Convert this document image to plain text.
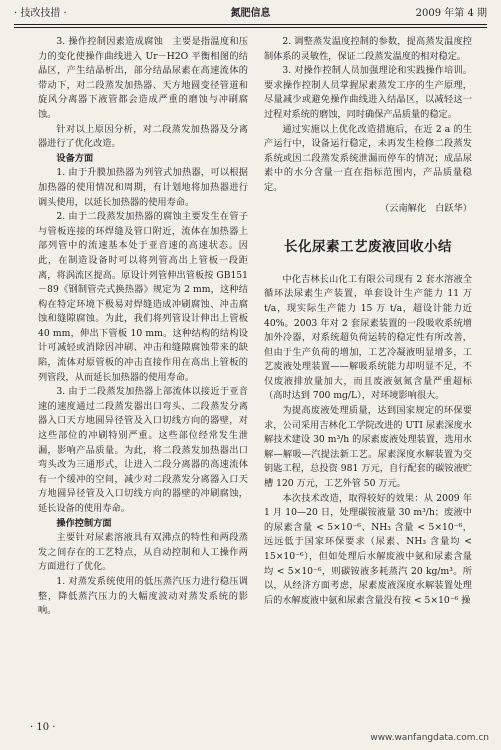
· 技改技措 ·	氮肥信息	2009 年第 4 期

3. 操作控制因素造成腐蚀　主要是指温度和压力的变化使操作曲线进入 Ur－H2O 平衡相图的结晶区，产生结晶析出，部分结晶尿素在高速流体的带动下，对二段蒸发加热器、天方地圆变径管道和旋风分离器下液管都会造成严重的磨蚀与冲刷腐蚀。

针对以上原因分析，对二段蒸发加热器及分离器进行了优化改造。

设备方面

1. 由于升膜加热器为列管式加热器，可以根据加热器的使用情况和周期，有计划地将加热器进行调头使用，以延长加热器的使用寿命。

2. 由于二段蒸发加热器的腐蚀主要发生在管子与管板连接的环焊缝及管口附近，流体在加热器上部列管中的流速基本处于亚音速的高速状态。因此，在制造设备时可以将列管高出上管板一段距离，将涡流区提高。原设计列管伸出管板按 GB151－89《钢制管壳式换热器》规定为 2 mm，这种结构在特定环境下极易对焊缝造成冲刷腐蚀、冲击腐蚀和缝隙腐蚀。为此，我们将列管设计伸出上管板 40 mm，伸出下管板 10 mm。这种结构的结构设计可减轻或消除因冲刷、冲击和缝隙腐蚀带来的缺陷，流体对原管板的冲击直接作用在高出上管板的列管段，从而延长加热器的使用寿命。

3. 由于二段蒸发加热器上部流体以接近于亚音速的速度通过二段蒸发器出口弯头、二段蒸发分离器入口天方地圆异径管及入口切线方向的器壁，对这些部位的冲刷特别严重。这些部位经常发生泄漏，影响产品质量。为此，将二段蒸发加热器出口弯头改为三通形式，让进入二段分离器的高速流体有一个缓冲的空间，减少对二段蒸发分离器入口天方地圆异径管及入口切线方向的器壁的冲刷腐蚀，延长设备的使用寿命。

操作控制方面

主要针对尿素溶液具有双沸点的特性和两段蒸发之间存在的工艺特点，从自动控制和人工操作两方面进行了优化。

1. 对蒸发系统使用的低压蒸汽压力进行稳压调整，降低蒸汽压力的大幅度波动对蒸发系统的影响。

2. 调整蒸发温度控制的参数，提高蒸发温度控制体系的灵敏性，保证二段蒸发温度的相对稳定。

3. 对操作控制人员加强理论和实践操作培训。要求操作控制人员掌握尿素蒸发工序的生产原理，尽量减少或避免操作曲线进入结晶区，以减轻这一过程对系统的磨蚀，同时确保产品质量的稳定。

通过实施以上优化改造措施后，在近 2 a 的生产运行中，设备运行稳定，未再发生检修二段蒸发系统或因二段蒸发系统泄漏而停车的情况；成品尿素中的水分含量一直在指标范围内，产品质量稳定。

（云南解化　白跃华）

长化尿素工艺废液回收小结

中化吉林长山化工有限公司现有 2 套水溶液全循环法尿素生产装置，单套设计生产能力 11 万 t/a，现实际生产能力 15 万 t/a，超设计能力近 40%。2003 年对 2 套尿素装置的一段吸收系统增加外冷器，对系统超负荷运转的稳定性有所改善，但由于生产负荷的增加，工艺冷凝液明显增多，工艺废液处理装置——解吸系统能力却明显不足，不仅废液排放量加大，而且废液氨氮含量严重超标（高时达到 700 mg/L），对环境影响很大。

为提高废液处理质量，达到国家规定的环保要求，公司采用吉林化工学院改进的 UTI 尿素深度水解技术建设 30 m³/h 的尿素废液处理装置，选用水解—解吸—汽提法新工艺。尿素深度水解装置为交钥匙工程，总投资 981 万元，自行配套的碳铵液贮槽 120 万元，工艺外管 50 万元。

本次技术改造，取得较好的效果：从 2009 年 1 月 10—20 日，处理碳铵液量 30 m³/h；废液中的尿素含量 < 5×10⁻⁶、NH₃ 含量 < 5×10⁻⁶，远远低于国家环保要求（尿素、NH₃ 含量均 < 15×10⁻⁶），但如处理后水解废液中氨和尿素含量均 < 5×10⁻⁶，则碳铵液多耗蒸汽 20 kg/m³。所以，从经济方面考虑，尿素废液深度水解装置处理后的水解废液中氨和尿素含量没有按 < 5×10⁻⁶ 操

· 10 ·
www.wanfangdata.com.cn
